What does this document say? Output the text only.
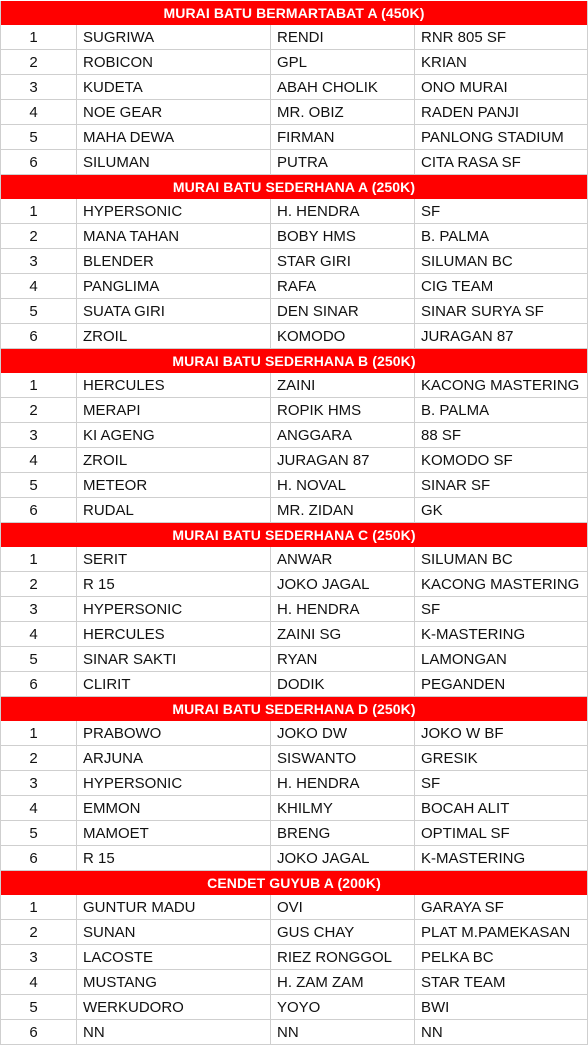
MURAI BATU BERMARTABAT A (450K)
1	SUGRIWA	RENDI	RNR 805 SF
2	ROBICON	GPL	KRIAN
3	KUDETA	ABAH CHOLIK	ONO MURAI
4	NOE GEAR	MR. OBIZ	RADEN PANJI
5	MAHA DEWA	FIRMAN	PANLONG STADIUM
6	SILUMAN	PUTRA	CITA RASA SF
MURAI BATU SEDERHANA A (250K)
1	HYPERSONIC	H. HENDRA	SF
2	MANA TAHAN	BOBY HMS	B. PALMA
3	BLENDER	STAR GIRI	SILUMAN BC
4	PANGLIMA	RAFA	CIG TEAM
5	SUATA GIRI	DEN SINAR	SINAR SURYA SF
6	ZROIL	KOMODO	JURAGAN 87
MURAI BATU SEDERHANA B (250K)
1	HERCULES	ZAINI	KACONG MASTERING
2	MERAPI	ROPIK HMS	B. PALMA
3	KI AGENG	ANGGARA	88 SF
4	ZROIL	JURAGAN 87	KOMODO SF
5	METEOR	H. NOVAL	SINAR SF
6	RUDAL	MR. ZIDAN	GK
MURAI BATU SEDERHANA C (250K)
1	SERIT	ANWAR	SILUMAN BC
2	R 15	JOKO JAGAL	KACONG MASTERING
3	HYPERSONIC	H. HENDRA	SF
4	HERCULES	ZAINI SG	K-MASTERING
5	SINAR SAKTI	RYAN	LAMONGAN
6	CLIRIT	DODIK	PEGANDEN
MURAI BATU SEDERHANA D (250K)
1	PRABOWO	JOKO DW	JOKO W BF
2	ARJUNA	SISWANTO	GRESIK
3	HYPERSONIC	H. HENDRA	SF
4	EMMON	KHILMY	BOCAH ALIT
5	MAMOET	BRENG	OPTIMAL SF
6	R 15	JOKO JAGAL	K-MASTERING
CENDET GUYUB A (200K)
1	GUNTUR MADU	OVI	GARAYA SF
2	SUNAN	GUS CHAY	PLAT M.PAMEKASAN
3	LACOSTE	RIEZ RONGGOL	PELKA BC
4	MUSTANG	H. ZAM ZAM	STAR TEAM
5	WERKUDORO	YOYO	BWI
6	NN	NN	NN
